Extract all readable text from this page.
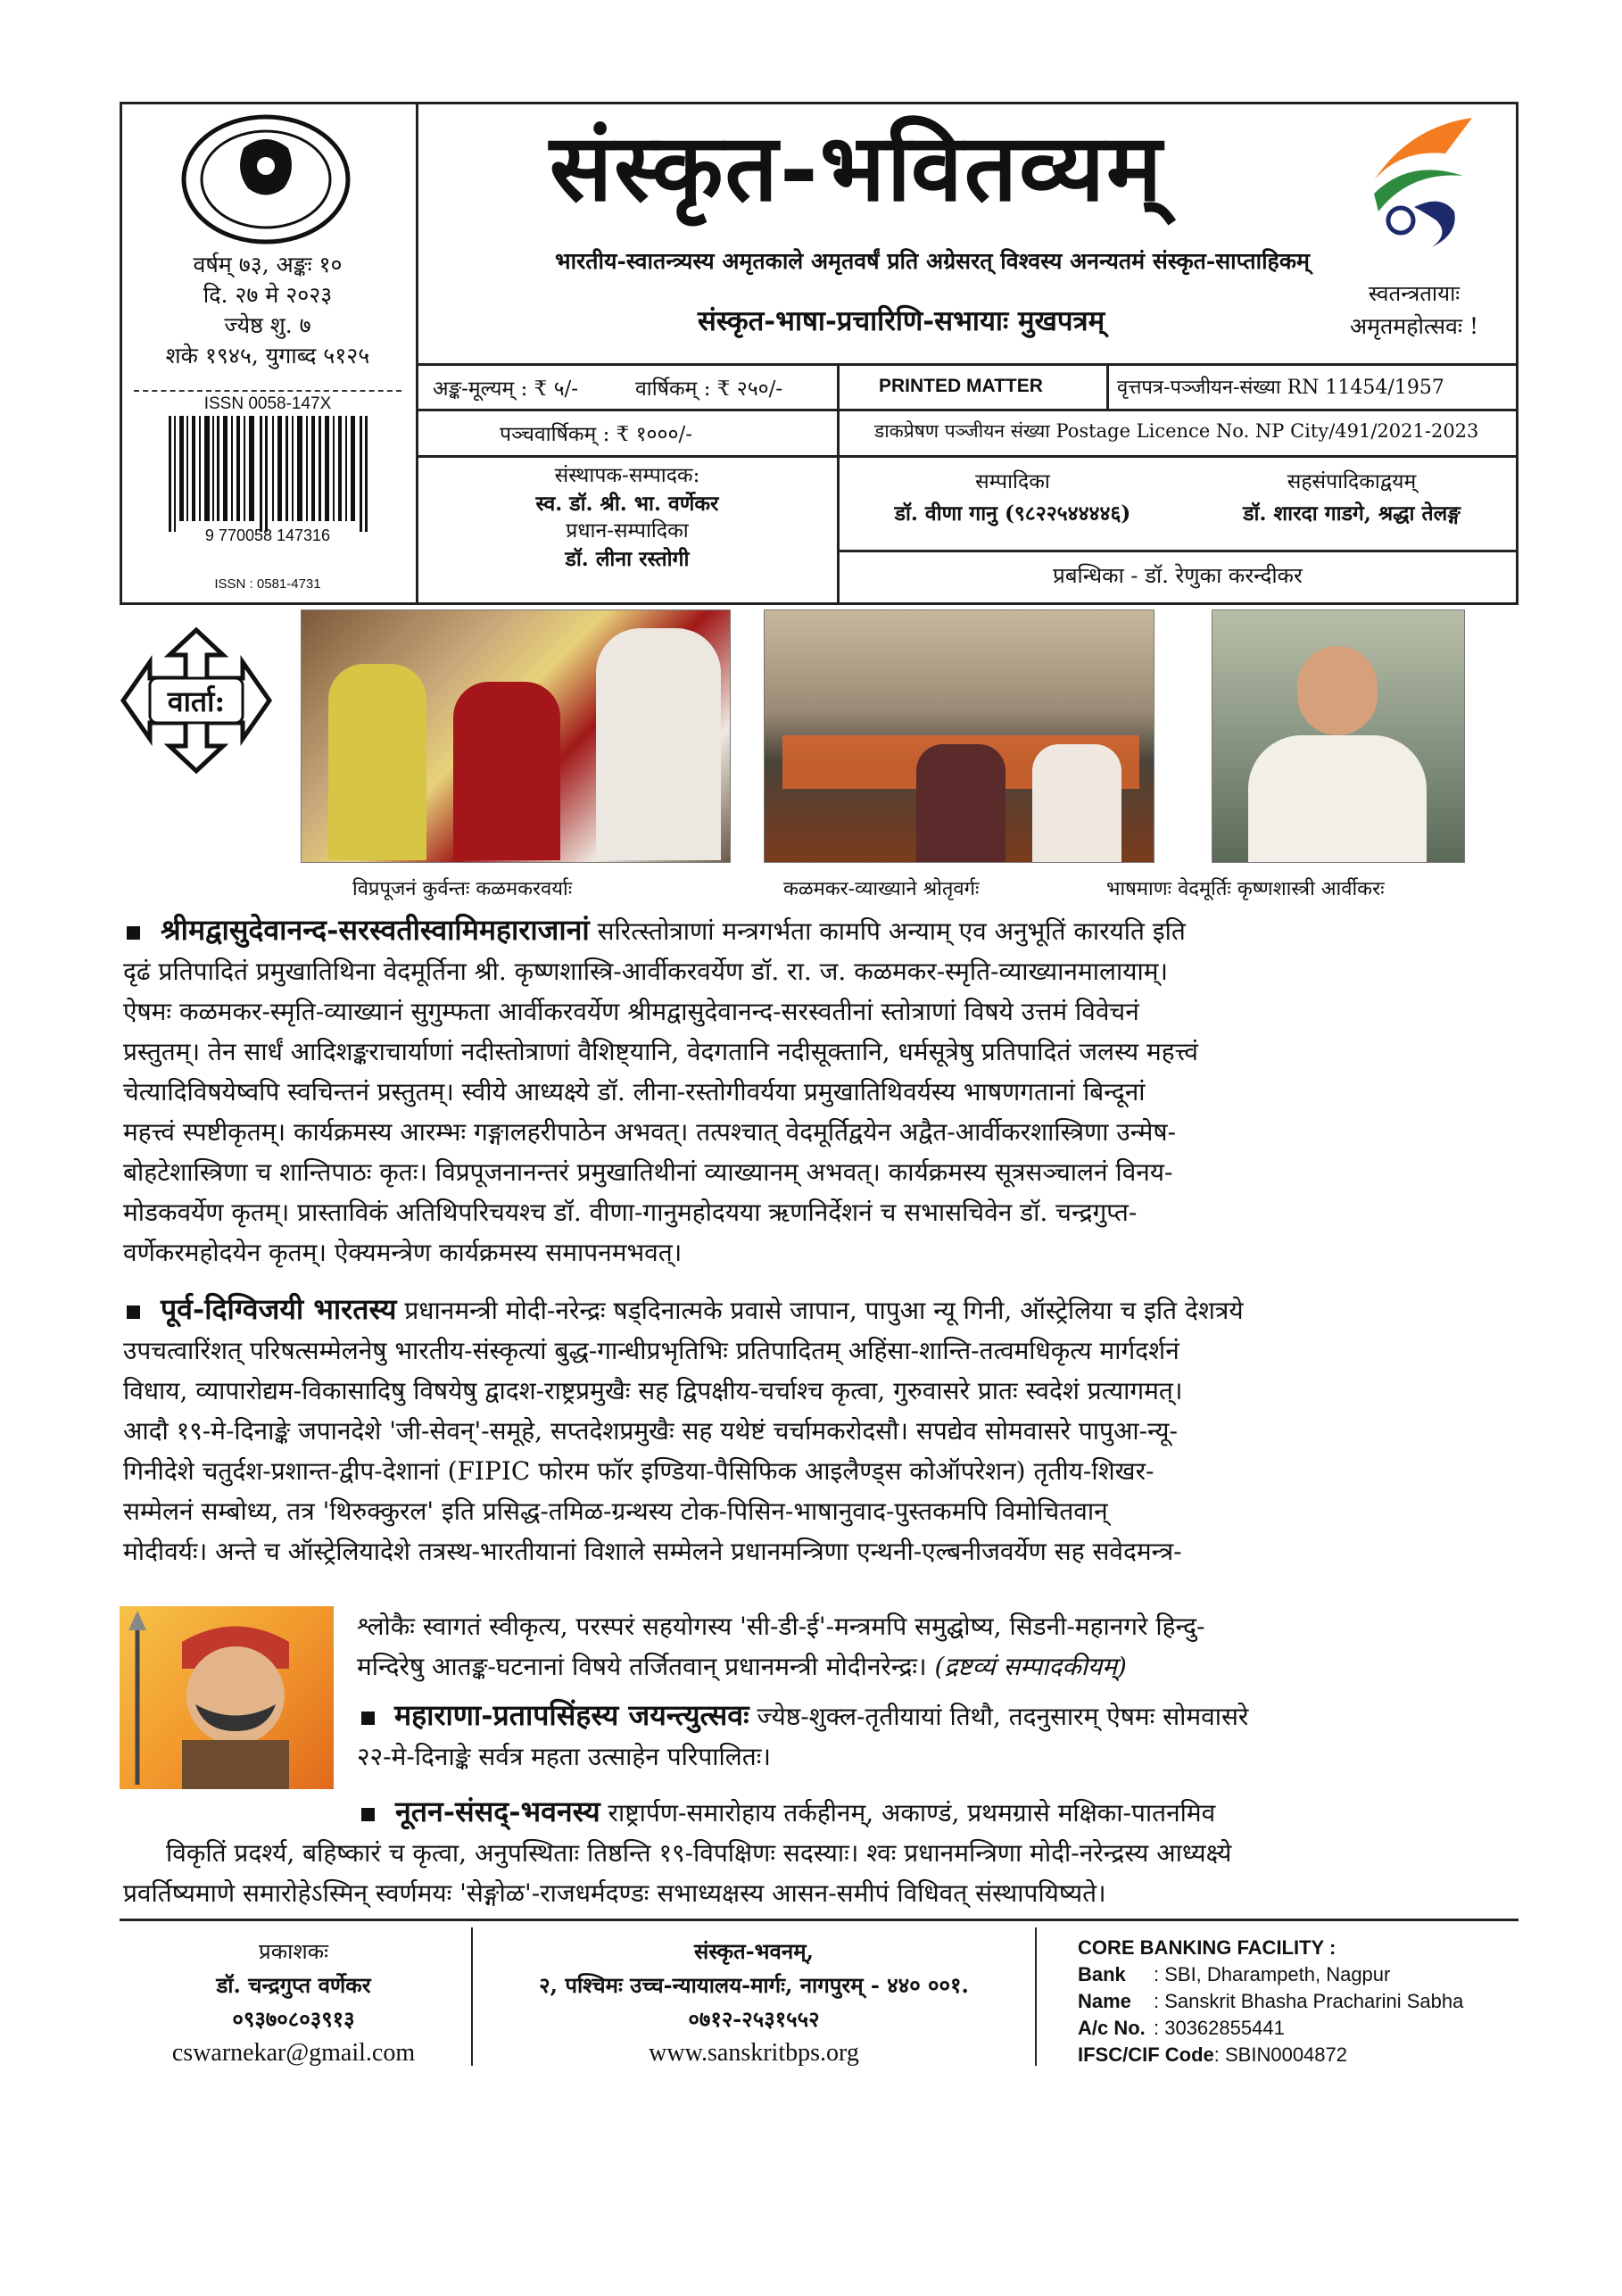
वर्षम् ७३, अङ्कः १०
दि. २७ मे २०२३
ज्येष्ठ शु. ७
शके १९४५, युगाब्द ५१२५
ISSN 0058-147X
9 770058 147316
ISSN : 0581-4731
संस्कृत-भवितव्यम्
भारतीय-स्वातन्त्र्यस्य अमृतकाले अमृतवर्षं प्रति अग्रेसरत् विश्वस्य अनन्यतमं संस्कृत-साप्ताहिकम्
संस्कृत-भाषा-प्रचारिणि-सभायाः मुखपत्रम्
स्वतन्त्रतायाः
अमृतमहोत्सवः !
अङ्क-मूल्यम् : ₹ ५/-	वार्षिकम् : ₹ २५०/-	PRINTED MATTER	वृत्तपत्र-पञ्जीयन-संख्या RN 11454/1957
पञ्चवार्षिकम् : ₹ १०००/-	डाकप्रेषण पञ्जीयन संख्या Postage Licence No. NP City/491/2021-2023
संस्थापक-सम्पादक:
स्व. डॉ. श्री. भा. वर्णेकर
प्रधान-सम्पादिका
डॉ. लीना रस्तोगी
सम्पादिका
डॉ. वीणा गानु (९८२२५४४४४६)
सहसंपादिकाद्वयम्
डॉ. शारदा गाडगे, श्रद्धा तेलङ्ग
प्रबन्धिका - डॉ. रेणुका करन्दीकर
वार्ता:
विप्रपूजनं कुर्वन्तः कळमकरवर्याः	कळमकर-व्याख्याने श्रोतृवर्गः	भाषमाणः वेदमूर्तिः कृष्णशास्त्री आर्वीकरः
श्रीमद्वासुदेवानन्द-सरस्वतीस्वामिमहाराजानां सरित्स्तोत्राणां मन्त्रगर्भता कामपि अन्याम् एव अनुभूतिं कारयति इति
दृढं प्रतिपादितं प्रमुखातिथिना वेदमूर्तिना श्री. कृष्णशास्त्रि-आर्वीकरवर्येण डॉ. रा. ज. कळमकर-स्मृति-व्याख्यानमालायाम्।
ऐषमः कळमकर-स्मृति-व्याख्यानं सुगुम्फता आर्वीकरवर्येण श्रीमद्वासुदेवानन्द-सरस्वतीनां स्तोत्राणां विषये उत्तमं विवेचनं
प्रस्तुतम्। तेन सार्धं आदिशङ्कराचार्याणां नदीस्तोत्राणां वैशिष्ट्यानि, वेदगतानि नदीसूक्तानि, धर्मसूत्रेषु प्रतिपादितं जलस्य महत्त्वं
चेत्यादिविषयेष्वपि स्वचिन्तनं प्रस्तुतम्। स्वीये आध्यक्ष्ये डॉ. लीना-रस्तोगीवर्यया प्रमुखातिथिवर्यस्य भाषणगतानां बिन्दूनां
महत्त्वं स्पष्टीकृतम्। कार्यक्रमस्य आरम्भः गङ्गालहरीपाठेन अभवत्। तत्पश्चात् वेदमूर्तिद्वयेन अद्वैत-आर्वीकरशास्त्रिणा उन्मेष-
बोहटेशास्त्रिणा च शान्तिपाठः कृतः। विप्रपूजनानन्तरं प्रमुखातिथीनां व्याख्यानम् अभवत्। कार्यक्रमस्य सूत्रसञ्चालनं विनय-
मोडकवर्येण कृतम्। प्रास्ताविकं अतिथिपरिचयश्च डॉ. वीणा-गानुमहोदयया ऋणनिर्देशनं च सभासचिवेन डॉ. चन्द्रगुप्त-
वर्णेकरमहोदयेन कृतम्। ऐक्यमन्त्रेण कार्यक्रमस्य समापनमभवत्।
पूर्व-दिग्विजयी भारतस्य प्रधानमन्त्री मोदी-नरेन्द्रः षड्दिनात्मके प्रवासे जापान, पापुआ न्यू गिनी, ऑस्ट्रेलिया च इति देशत्रये
उपचत्वारिंशत् परिषत्सम्मेलनेषु भारतीय-संस्कृत्यां बुद्ध-गान्धीप्रभृतिभिः प्रतिपादितम् अहिंसा-शान्ति-तत्वमधिकृत्य मार्गदर्शनं
विधाय, व्यापारोद्यम-विकासादिषु विषयेषु द्वादश-राष्ट्रप्रमुखैः सह द्विपक्षीय-चर्चाश्च कृत्वा, गुरुवासरे प्रातः स्वदेशं प्रत्यागमत्।
आदौ १९-मे-दिनाङ्के जपानदेशे 'जी-सेवन्'-समूहे, सप्तदेशप्रमुखैः सह यथेष्टं चर्चामकरोदसौ। सपद्येव सोमवासरे पापुआ-न्यू-
गिनीदेशे चतुर्दश-प्रशान्त-द्वीप-देशानां (FIPIC फोरम फॉर इण्डिया-पैसिफिक आइलैण्ड्स कोऑपरेशन) तृतीय-शिखर-
सम्मेलनं सम्बोध्य, तत्र 'थिरुक्कुरल' इति प्रसिद्ध-तमिळ-ग्रन्थस्य टोक-पिसिन-भाषानुवाद-पुस्तकमपि विमोचितवान्
मोदीवर्यः। अन्ते च ऑस्ट्रेलियादेशे तत्रस्थ-भारतीयानां विशाले सम्मेलने प्रधानमन्त्रिणा एन्थनी-एल्बनीजवर्येण सह सवेदमन्त्र-
श्लोकैः स्वागतं स्वीकृत्य, परस्परं सहयोगस्य 'सी-डी-ई'-मन्त्रमपि समुद्घोष्य, सिडनी-महानगरे हिन्दु-
मन्दिरेषु आतङ्क-घटनानां विषये तर्जितवान् प्रधानमन्त्री मोदीनरेन्द्रः। (द्रष्टव्यं सम्पादकीयम्)
महाराणा-प्रतापसिंहस्य जयन्त्युत्सवः ज्येष्ठ-शुक्ल-तृतीयायां तिथौ, तदनुसारम् ऐषमः सोमवासरे
२२-मे-दिनाङ्के सर्वत्र महता उत्साहेन परिपालितः।
नूतन-संसद्-भवनस्य राष्ट्रार्पण-समारोहाय तर्कहीनम्, अकाण्डं, प्रथमग्रासे मक्षिका-पातनमिव
विकृतिं प्रदर्श्य, बहिष्कारं च कृत्वा, अनुपस्थिताः तिष्ठन्ति १९-विपक्षिणः सदस्याः। श्वः प्रधानमन्त्रिणा मोदी-नरेन्द्रस्य आध्यक्ष्ये
प्रवर्तिष्यमाणे समारोहेऽस्मिन् स्वर्णमयः 'सेङ्गोळ'-राजधर्मदण्डः सभाध्यक्षस्य आसन-समीपं विधिवत् संस्थापयिष्यते।
प्रकाशकः
डॉ. चन्द्रगुप्त वर्णेकर
०९३७०८०३९१३
cswarnekar@gmail.com
संस्कृत-भवनम्,
२, पश्चिमः उच्च-न्यायालय-मार्गः, नागपुरम् - ४४० ००१.
०७१२-२५३१५५२
www.sanskritbps.org
CORE BANKING FACILITY :
Bank : SBI, Dharampeth, Nagpur
Name : Sanskrit Bhasha Pracharini Sabha
A/c No. : 30362855441
IFSC/CIF Code: SBIN0004872
